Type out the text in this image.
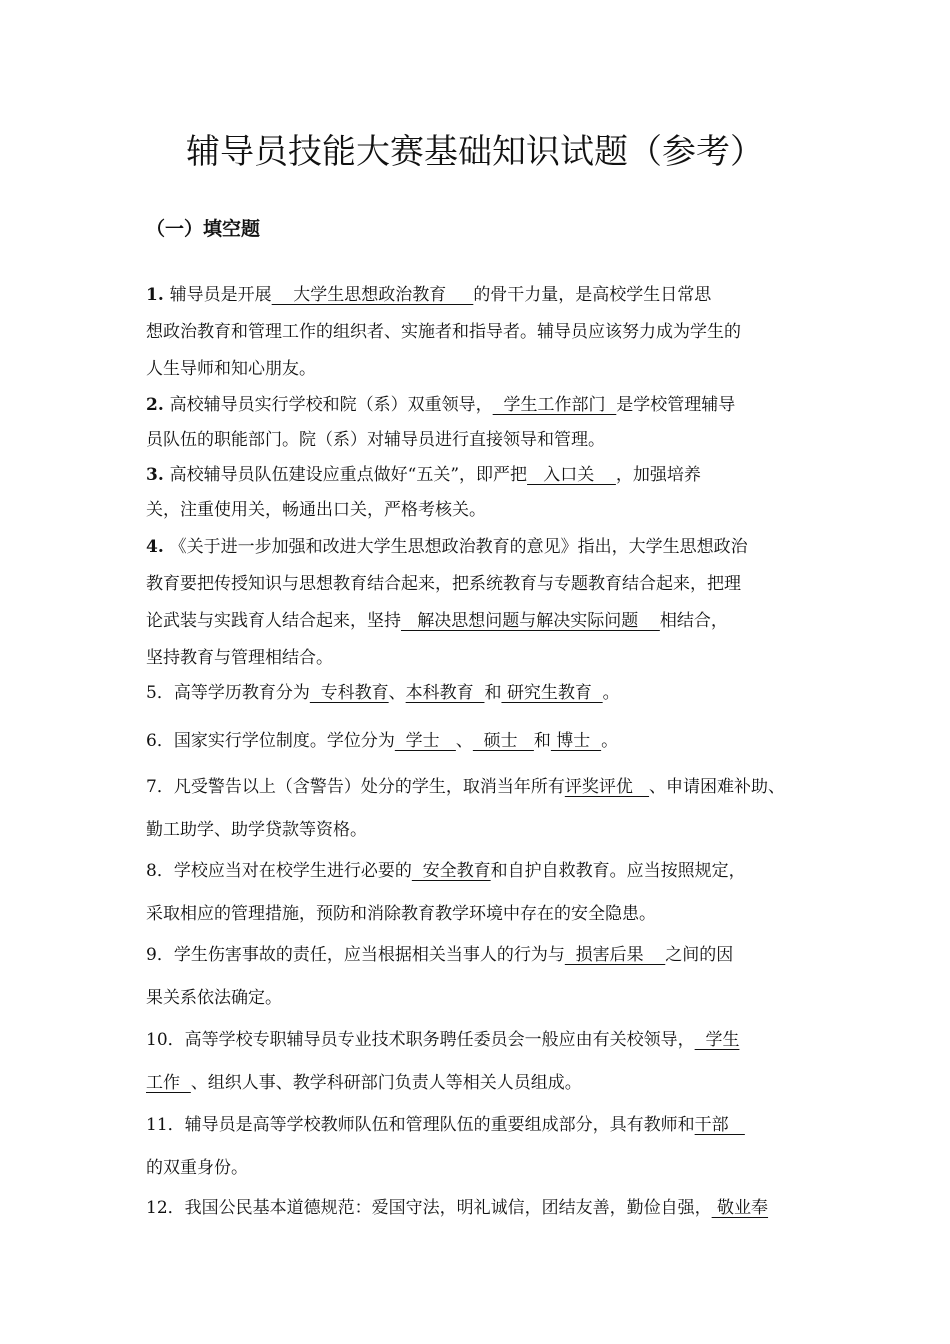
辅导员技能大赛基础知识试题（参考）
（一）填空题
1. 辅导员是开展    大学生思想政治教育     的骨干力量，是高校学生日常思
想政治教育和管理工作的组织者、实施者和指导者。辅导员应该努力成为学生的
人生导师和知心朋友。
2. 高校辅导员实行学校和院（系）双重领导，  学生工作部门  是学校管理辅导
员队伍的职能部门。院（系）对辅导员进行直接领导和管理。
3. 高校辅导员队伍建设应重点做好“五关”，即严把   入口关    ，加强培养
关，注重使用关，畅通出口关，严格考核关。
4. 《关于进一步加强和改进大学生思想政治教育的意见》指出，大学生思想政治
教育要把传授知识与思想教育结合起来，把系统教育与专题教育结合起来，把理
论武装与实践育人结合起来，坚持   解决思想问题与解决实际问题    相结合，
坚持教育与管理相结合。
5．高等学历教育分为  专科教育、本科教育  和 研究生教育  。
6．国家实行学位制度。学位分为  学士   、  硕士   和 博士  。
7．凡受警告以上（含警告）处分的学生，取消当年所有评奖评优   、申请困难补助、
勤工助学、助学贷款等资格。
8．学校应当对在校学生进行必要的  安全教育和自护自救教育。应当按照规定，
采取相应的管理措施，预防和消除教育教学环境中存在的安全隐患。
9．学生伤害事故的责任，应当根据相关当事人的行为与  损害后果    之间的因
果关系依法确定。
10．高等学校专职辅导员专业技术职务聘任委员会一般应由有关校领导，  学生
工作  、组织人事、教学科研部门负责人等相关人员组成。
11．辅导员是高等学校教师队伍和管理队伍的重要组成部分，具有教师和干部
的双重身份。
12．我国公民基本道德规范：爱国守法，明礼诚信，团结友善，勤俭自强， 敬业奉
